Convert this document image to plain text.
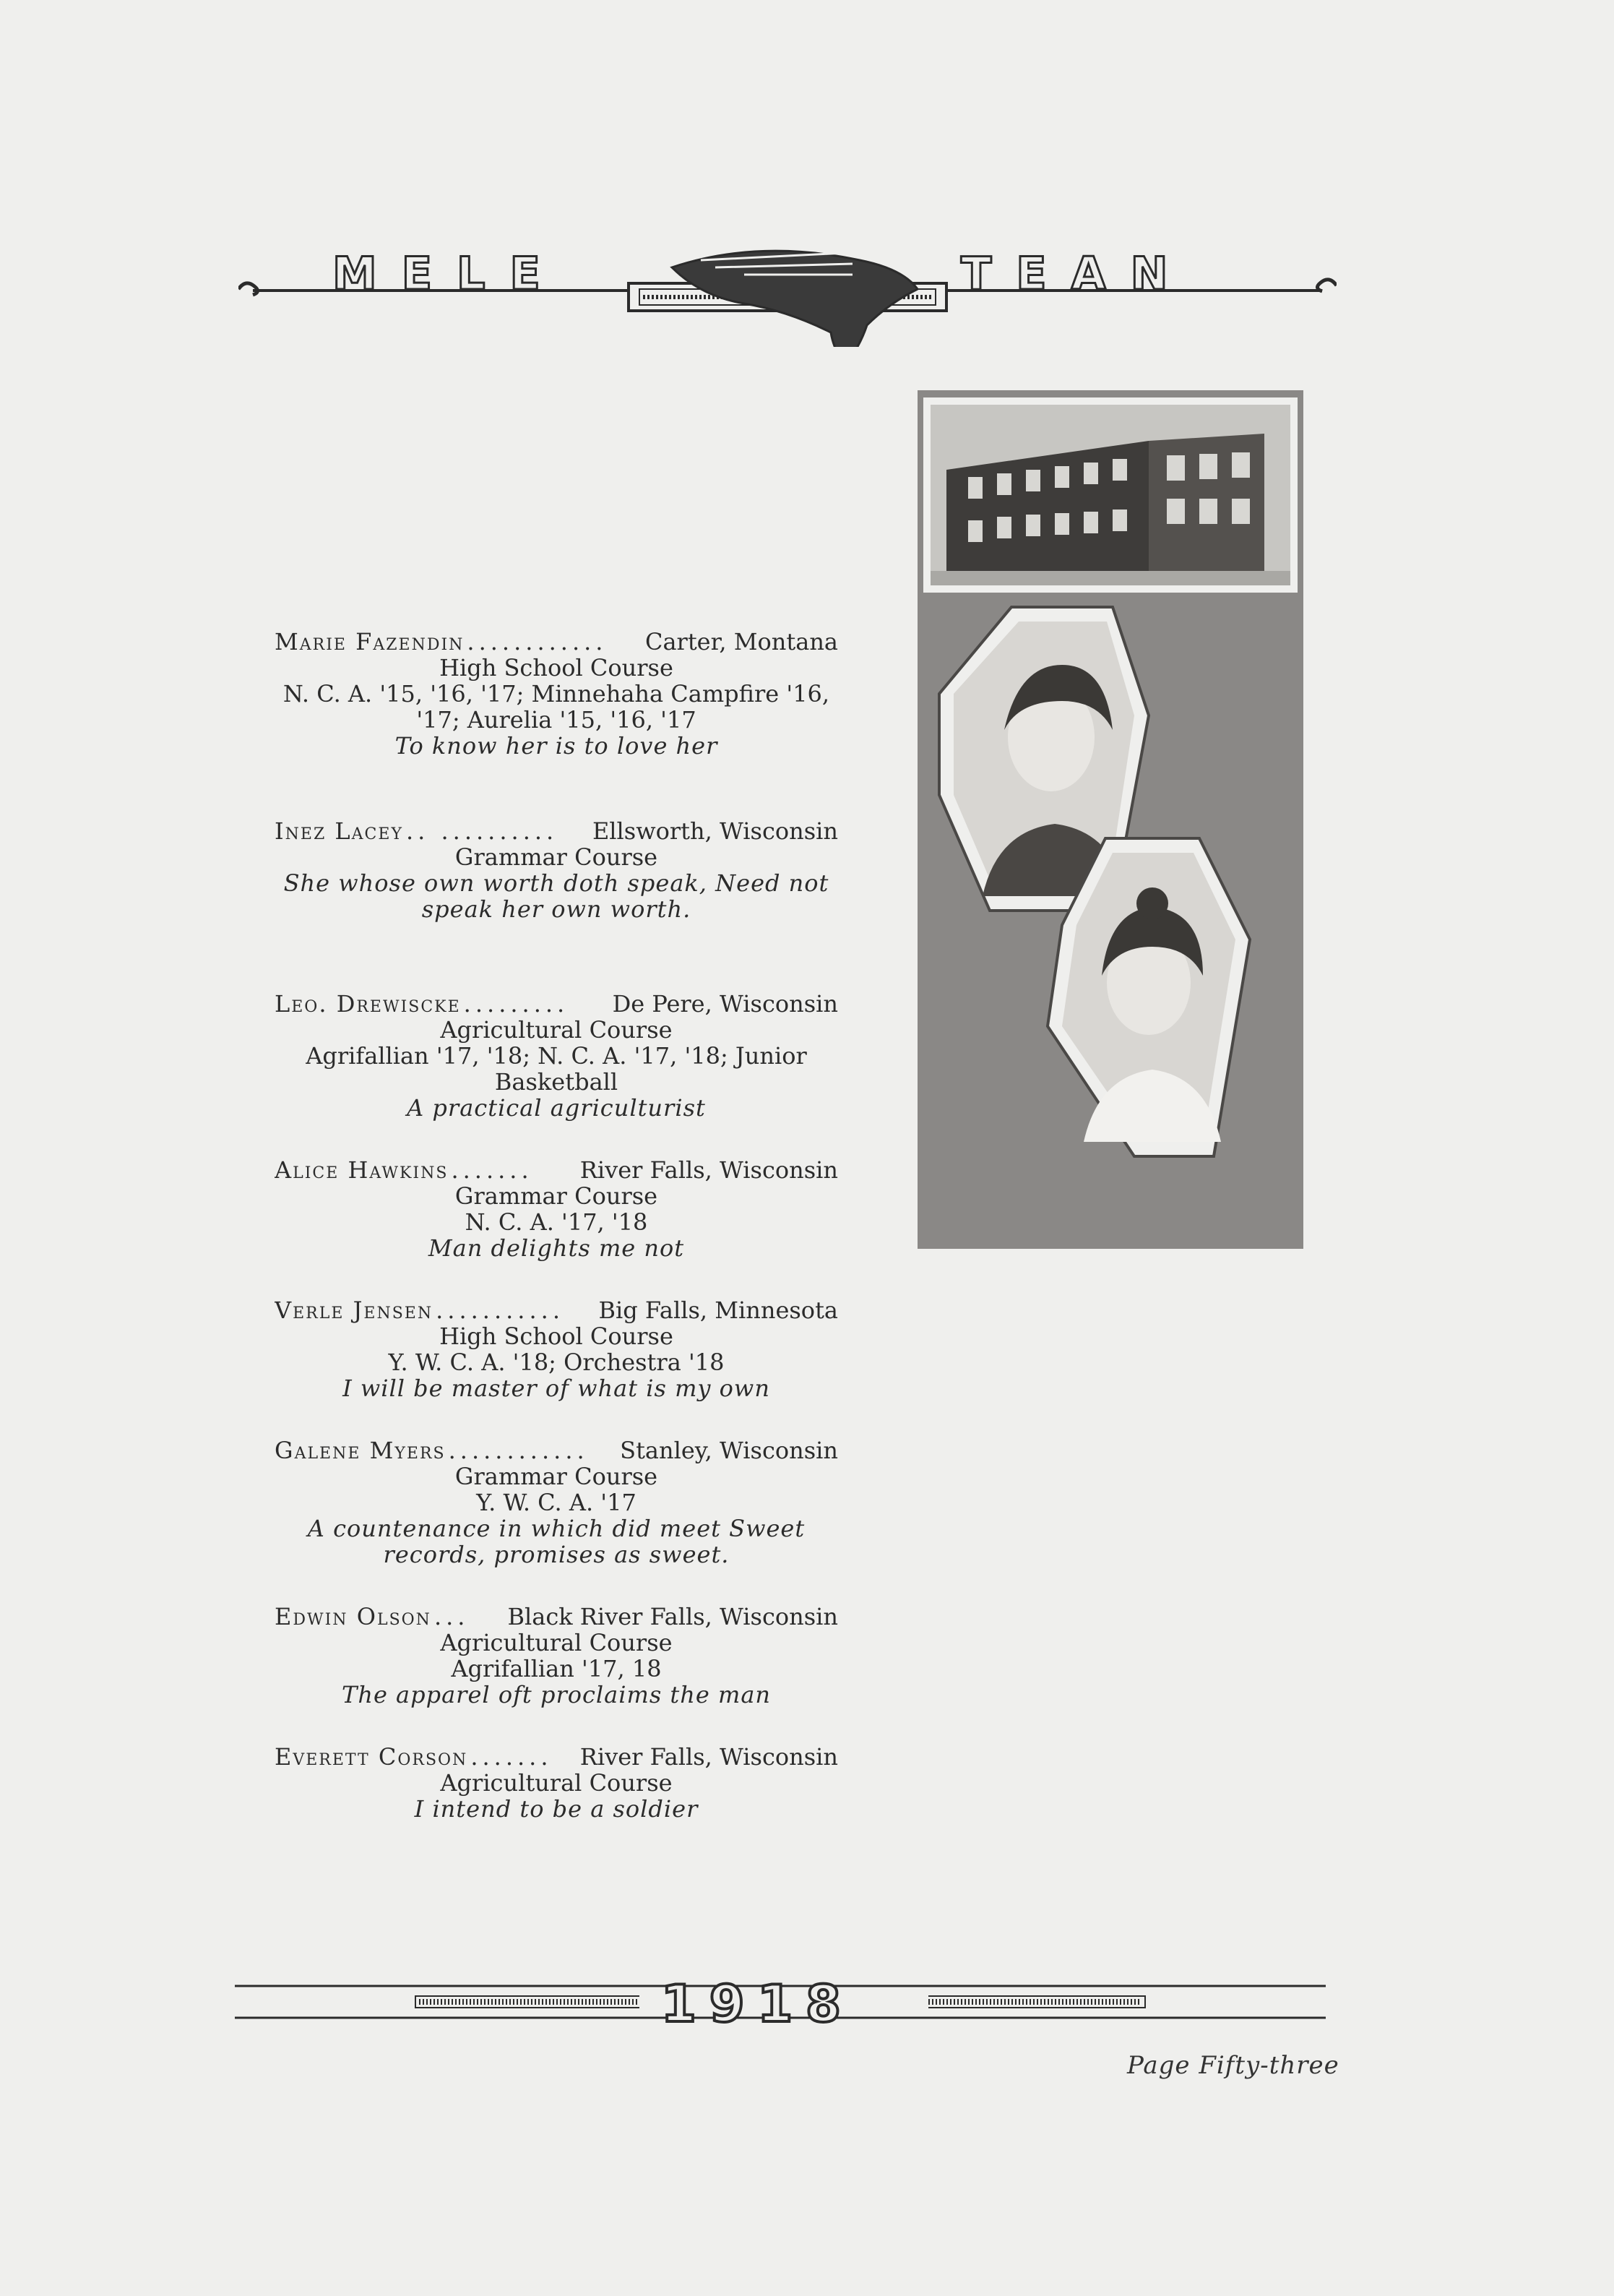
MELE	TEAN
Marie Fazendin ............	Carter, Montana
High School Course
N. C. A. '15, '16, '17; Minnehaha Campfire '16, '17; Aurelia '15, '16, '17
To know her is to love her
Inez Lacey .. ..........	Ellsworth, Wisconsin
Grammar Course
She whose own worth doth speak, Need not speak her own worth.
Leo. Drewiscke .........	De Pere, Wisconsin
Agricultural Course
Agrifallian '17, '18; N. C. A. '17, '18; Junior Basketball
A practical agriculturist
Alice Hawkins .......	River Falls, Wisconsin
Grammar Course
N. C. A. '17, '18
Man delights me not
Verle Jensen ...........	Big Falls, Minnesota
High School Course
Y. W. C. A. '18; Orchestra '18
I will be master of what is my own
Galene Myers ............	Stanley, Wisconsin
Grammar Course
Y. W. C. A. '17
A countenance in which did meet Sweet records, promises as sweet.
Edwin Olson ...	Black River Falls, Wisconsin
Agricultural Course
Agrifallian '17, 18
The apparel oft proclaims the man
Everett Corson .......	River Falls, Wisconsin
Agricultural Course
I intend to be a soldier
1918
Page Fifty-three
